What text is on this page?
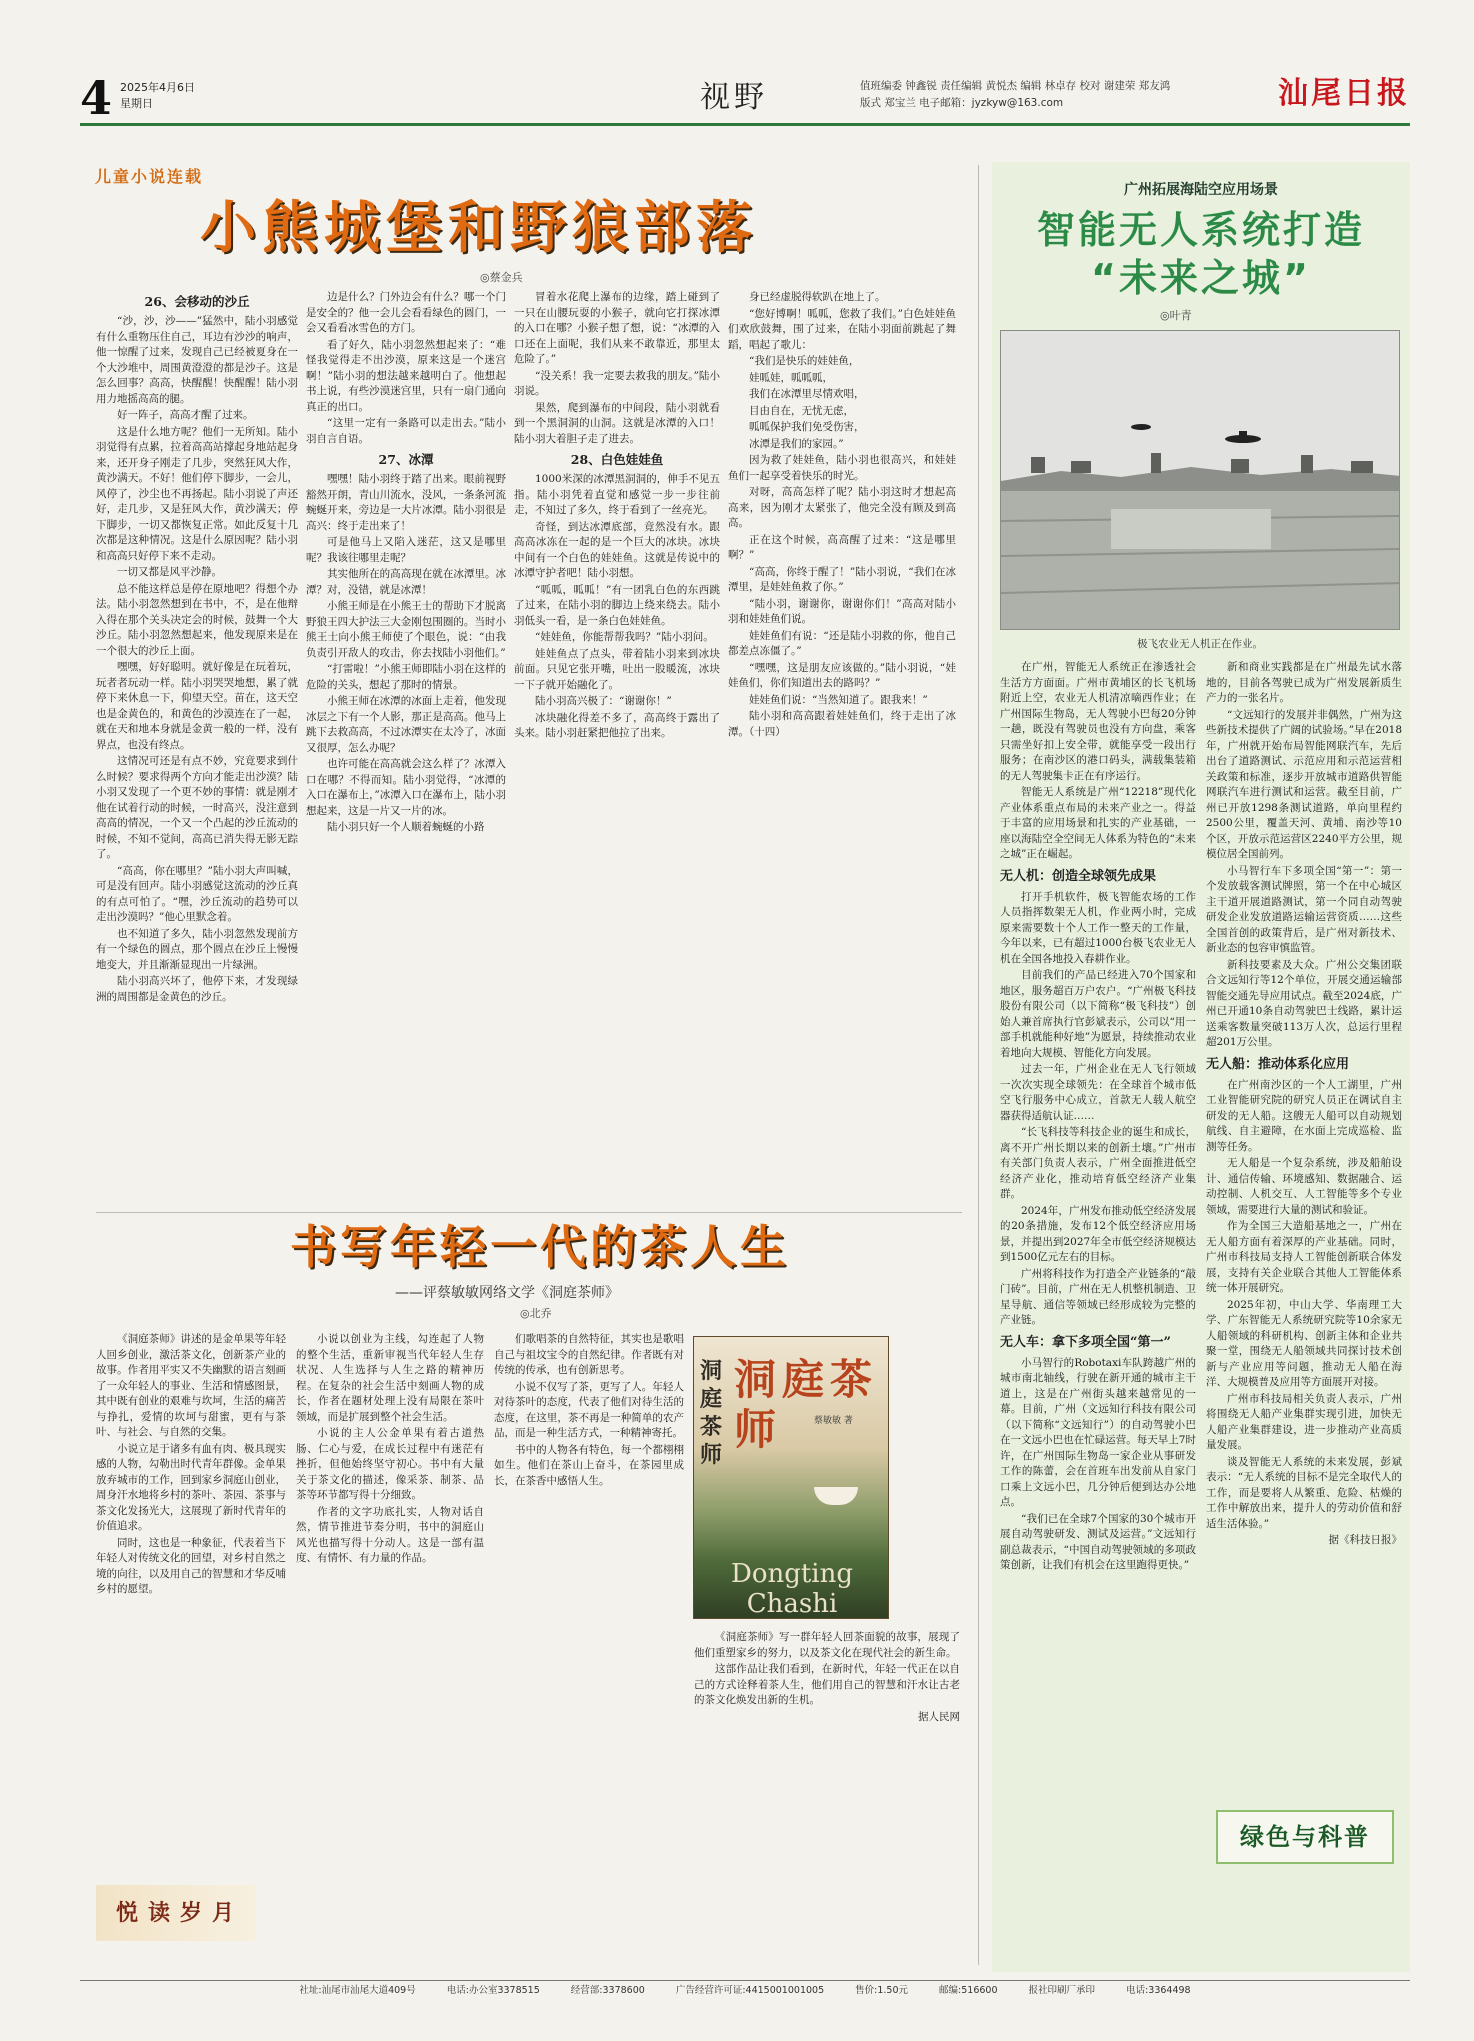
4 2025年4月6日
星期日	视野	值班编委 钟鑫锐 责任编辑 黄悦杰 编辑 林卓存 校对 谢建荣 郑友鸿
版式 郑宝兰 电子邮箱：jyzkyw@163.com	汕尾日报
儿童小说连载
小熊城堡和野狼部落
◎蔡金兵
26、会移动的沙丘

“沙，沙，沙——”猛然中，陆小羽感觉有什么重物压住自己，耳边有沙沙的响声，他一惊醒了过来，发现自己已经被夏身在一个大沙堆中，周围黄澄澄的都是沙子。这是怎么回事？高高，快醒醒！快醒醒！陆小羽用力地摇高高的腿。

好一阵子，高高才醒了过来。

这是什么地方呢？他们一无所知。陆小羽觉得有点累，拉着高高站撑起身地站起身来，还开身子刚走了几步，突然狂风大作，黄沙满天。不好！他们停下脚步，一会儿，风停了，沙尘也不再扬起。陆小羽说了声还好，走几步，又是狂风大作，黄沙满天；停下脚步，一切又都恢复正常。如此反复十几次都是这种情况。这是什么原因呢？陆小羽和高高只好停下来不走动。

一切又都是风平沙静。

总不能这样总是停在原地吧？得想个办法。陆小羽忽然想到在书中，不，是在他辩入得在那个关头决定会的时候，鼓舞一个大沙丘。陆小羽忽然想起来，他发现原来是在一个很大的沙丘上面。

嘿嘿，好好聪明。就好像是在玩着玩，玩者者玩动一样。陆小羽哭哭地想，累了就停下来休息一下，仰望天空。苗在，这天空也是金黄色的，和黄色的沙漠连在了一起，就在天和地本身就是金黄一般的一样，没有界点，也没有终点。

这情况可还是有点不妙，究竟要求到什么时候？要求得两个方向才能走出沙漠？陆小羽又发现了一个更不妙的事情：就是刚才他在试着行动的时候，一时高兴，没注意到高高的情况，一个又一个凸起的沙丘流动的时候，不知不觉间，高高已消失得无影无踪了。

“高高，你在哪里？”陆小羽大声叫喊，可是没有回声。陆小羽感觉这流动的沙丘真的有点可怕了。“嘿，沙丘流动的趋势可以走出沙漠吗？”他心里默念着。

也不知道了多久，陆小羽忽然发现前方有一个绿色的圆点，那个圆点在沙丘上慢慢地变大，并且渐渐显现出一片绿洲。

陆小羽高兴坏了，他停下来，才发现绿洲的周围都是金黄色的沙丘。

边是什么？门外边会有什么？哪一个门是安全的？他一会儿会看看绿色的圆门，一会又看看冰雪色的方门。

看了好久，陆小羽忽然想起来了：“难怪我觉得走不出沙漠，原来这是一个迷宫啊！”陆小羽的想法越来越明白了。他想起书上说，有些沙漠迷宫里，只有一扇门通向真正的出口。

“这里一定有一条路可以走出去。”陆小羽自言自语。

27、冰潭

嘿嘿！陆小羽终于踏了出来。眼前视野豁然开朗，青山川流水，没风，一条条河流蜿蜒开来，旁边是一大片冰潭。陆小羽很是高兴：终于走出来了！

可是他马上又陷入迷茫，这又是哪里呢？我该往哪里走呢？

其实他所在的高高现在就在冰潭里。冰潭？对，没错，就是冰潭！

小熊王师是在小熊王士的帮助下才脱离野狼王四大护法三大金刚包围圈的。当时小熊王士向小熊王师使了个眼色，说：“由我负责引开敌人的攻击，你去找陆小羽他们。”

“打雷啦！”小熊王师即陆小羽在这样的危险的关头，想起了那时的情景。

小熊王师在冰潭的冰面上走着，他发现冰层之下有一个人影，那正是高高。他马上跳下去救高高，不过冰潭实在太冷了，冰面又很厚，怎么办呢？

也许可能在高高就会这么样了？冰潭入口在哪？不得而知。陆小羽觉得，“冰潭的入口在瀑布上，”冰潭入口在瀑布上，陆小羽想起来，这是一片又一片的冰。

陆小羽只好一个人顺着蜿蜒的小路

冒着水花爬上瀑布的边缘，踏上碰到了一只在山腰玩耍的小猴子，就向它打探冰潭的入口在哪？小猴子想了想，说：“冰潭的入口还在上面呢，我们从来不敢靠近，那里太危险了。”

“没关系！我一定要去救我的朋友。”陆小羽说。

果然，爬到瀑布的中间段，陆小羽就看到一个黑洞洞的山洞。这就是冰潭的入口！陆小羽大着胆子走了进去。

28、白色娃娃鱼

1000米深的冰潭黑洞洞的，伸手不见五指。陆小羽凭着直觉和感觉一步一步往前走，不知过了多久，终于看到了一丝亮光。

奇怪，到达冰潭底部，竟然没有水。跟高高冰冻在一起的是一个巨大的冰块。冰块中间有一个白色的娃娃鱼。这就是传说中的冰潭守护者吧！陆小羽想。

“呱呱，呱呱！”有一团乳白色的东西跳了过来，在陆小羽的脚边上绕来绕去。陆小羽低头一看，是一条白色娃娃鱼。

“娃娃鱼，你能帮帮我吗？”陆小羽问。

娃娃鱼点了点头，带着陆小羽来到冰块前面。只见它张开嘴，吐出一股暖流，冰块一下子就开始融化了。

陆小羽高兴极了：“谢谢你！”

冰块融化得差不多了，高高终于露出了头来。陆小羽赶紧把他拉了出来。

身已经虚脱得软趴在地上了。

“您好博啊！呱呱，您救了我们。”白色娃娃鱼们欢欣鼓舞，围了过来，在陆小羽面前跳起了舞蹈，唱起了歌儿：

“我们是快乐的娃娃鱼，

娃呱娃，呱呱呱，

我们在冰潭里尽情欢唱，

目由自在，无忧无虑，

呱呱保护我们免受伤害，

冰潭是我们的家园。”

因为救了娃娃鱼，陆小羽也很高兴，和娃娃鱼们一起享受着快乐的时光。

对呀，高高怎样了呢？陆小羽这时才想起高高来，因为刚才太紧张了，他完全没有顾及到高高。

正在这个时候，高高醒了过来：“这是哪里啊？”

“高高，你终于醒了！”陆小羽说，“我们在冰潭里，是娃娃鱼救了你。”

“陆小羽，谢谢你，谢谢你们！”高高对陆小羽和娃娃鱼们说。

娃娃鱼们有说：“还是陆小羽救的你，他自己都差点冻僵了。”

“嘿嘿，这是朋友应该做的。”陆小羽说，“娃娃鱼们，你们知道出去的路吗？”

娃娃鱼们说：“当然知道了。跟我来！”

陆小羽和高高跟着娃娃鱼们，终于走出了冰潭。（十四）

广州拓展海陆空应用场景
智能无人系统打造
“未来之城”
◎叶青
极飞农业无人机正在作业。

在广州，智能无人系统正在渗透社会生活方方面面。广州市黄埔区的长飞机场附近上空，农业无人机清凉嘀西作业；在广州国际生物岛，无人驾驶小巴每20分钟一趟，既没有驾驶员也没有方向盘，乘客只需坐好扣上安全带，就能享受一段出行服务；在南沙区的港口码头，满载集装箱的无人驾驶集卡正在有序运行。

智能无人系统是广州“12218”现代化产业体系重点布局的未来产业之一。得益于丰富的应用场景和扎实的产业基础，一座以海陆空全空间无人体系为特色的“未来之城”正在崛起。

无人机：创造全球领先成果

打开手机软件，极飞智能农场的工作人员指挥数架无人机，作业两小时，完成原来需要数十个人工作一整天的工作量，今年以来，已有超过1000台极飞农业无人机在全国各地投入春耕作业。

目前我们的产品已经进入70个国家和地区，服务超百万户农户。“广州极飞科技股份有限公司（以下简称“极飞科技”）创始人兼首席执行官彭斌表示，公司以“用一部手机就能种好地”为愿景，持续推动农业着地向大规模、智能化方向发展。

过去一年，广州企业在无人飞行领域一次次实现全球领先：在全球首个城市低空飞行服务中心成立，首款无人载人航空器获得适航认证……

“长飞科技等科技企业的诞生和成长，离不开广州长期以来的创新土壤。”广州市有关部门负责人表示，广州全面推进低空经济产业化，推动培育低空经济产业集群。

2024年，广州发布推动低空经济发展的20条措施，发布12个低空经济应用场景，并提出到2027年全市低空经济规模达到1500亿元左右的目标。

广州将科技作为打造全产业链条的“敲门砖”。目前，广州在无人机整机制造、卫星导航、通信等领域已经形成较为完整的产业链。

无人车：拿下多项全国“第一”

小马智行的Robotaxi车队跨越广州的城市南北轴线，行驶在新开通的城市主干道上，这是在广州街头越来越常见的一幕。目前，广州（文远知行科技有限公司（以下简称“文远知行”）的自动驾驶小巴在一文远小巴也在忙碌运营。每天早上7时许，在广州国际生物岛一家企业从事研发工作的陈蕾，会在首班车出发前从自家门口乘上文远小巴，几分钟后便到达办公地点。

“我们已在全球7个国家的30个城市开展自动驾驶研发、测试及运营。”文远知行副总裁表示，“中国自动驾驶领域的多项政策创新，让我们有机会在这里跑得更快。”

新和商业实践都是在广州最先试水落地的，目前各驾驶已成为广州发展新质生产力的一张名片。

“文远知行的发展并非偶然，广州为这些新技术提供了广阔的试验场。”早在2018年，广州就开始布局智能网联汽车，先后出台了道路测试、示范应用和示范运营相关政策和标准，逐步开放城市道路供智能网联汽车进行测试和运营。截至目前，广州已开放1298条测试道路，单向里程约2500公里，覆盖天河、黄埔、南沙等10个区，开放示范运营区2240平方公里，规模位居全国前列。

小马智行车下多项全国“第一”：第一个发放载客测试牌照，第一个在中心城区主干道开展道路测试，第一个同自动驾驶研发企业发放道路运输运营资质……这些全国首创的政策背后，是广州对新技术、新业态的包容审慎监管。

新科技要素及大众。广州公交集团联合文远知行等12个单位，开展交通运输部智能交通先导应用试点。截至2024底，广州已开通10条自动驾驶巴士线路，累计运送乘客数量突破113万人次，总运行里程超201万公里。

无人船：推动体系化应用

在广州南沙区的一个人工湖里，广州工业智能研究院的研究人员正在调试自主研发的无人船。这艘无人船可以自动规划航线、自主避障，在水面上完成巡检、监测等任务。

无人船是一个复杂系统，涉及船舶设计、通信传输、环境感知、数据融合、运动控制、人机交互、人工智能等多个专业领域，需要进行大量的测试和验证。

作为全国三大造船基地之一，广州在无人船方面有着深厚的产业基础。同时，广州市科技局支持人工智能创新联合体发展，支持有关企业联合其他人工智能体系统一体开展研究。

2025年初，中山大学、华南理工大学、广东智能无人系统研究院等10余家无人船领域的科研机构、创新主体和企业共聚一堂，围绕无人船领域共同探讨技术创新与产业应用等问题，推动无人船在海洋、大规模普及应用等方面展开对接。

广州市科技局相关负责人表示，广州将围绕无人船产业集群实现引进，加快无人船产业集群建设，进一步推动产业高质量发展。

谈及智能无人系统的未来发展，彭斌表示：“无人系统的目标不是完全取代人的工作，而是要将人从繁重、危险、枯燥的工作中解放出来，提升人的劳动价值和舒适生活体验。”

据《科技日报》

绿色与科普
书写年轻一代的茶人生
——评蔡敏敏网络文学《洞庭茶师》
◎北乔

《洞庭茶师》讲述的是金单果等年轻人回乡创业，激活茶文化，创新茶产业的故事。作者用平实又不失幽默的语言刻画了一众年轻人的事业、生活和情感图景，其中既有创业的艰难与坎坷，生活的痛苦与挣扎，爱情的坎坷与甜蜜，更有与茶叶、与社会、与自然的交集。

小说立足于诸多有血有肉、极具现实感的人物，勾勒出时代青年群像。金单果放弃城市的工作，回到家乡洞庭山创业，周身汗水地将乡村的茶叶、茶园、茶事与茶文化发扬光大，这展现了新时代青年的价值追求。

同时，这也是一种象征，代表着当下年轻人对传统文化的回望，对乡村自然之境的向往，以及用自己的智慧和才华反哺乡村的愿望。

小说以创业为主线，勾连起了人物的整个生活，重新审视当代年轻人生存状况、人生选择与人生之路的精神历程。在复杂的社会生活中刻画人物的成长，作者在题材处理上没有局限在茶叶领域，而是扩展到整个社会生活。

小说的主人公金单果有着古道热肠、仁心与爱，在成长过程中有迷茫有挫折，但他始终坚守初心。书中有大量关于茶文化的描述，像采茶、制茶、品茶等环节都写得十分细致。

作者的文字功底扎实，人物对话自然，情节推进节奏分明，书中的洞庭山风光也描写得十分动人。这是一部有温度、有情怀、有力量的作品。

们歌唱茶的自然特征，其实也是歌唱自己与祖坟宝令的自然纪律。作者既有对传统的传承，也有创新思考。

小说不仅写了茶，更写了人。年轻人对待茶叶的态度，代表了他们对待生活的态度，在这里，茶不再是一种简单的农产品，而是一种生活方式，一种精神寄托。

书中的人物各有特色，每一个都栩栩如生。他们在茶山上奋斗，在茶园里成长，在茶香中感悟人生。

洞庭茶师
洞庭茶师	蔡敏敏 著
Dongting Chashi

《洞庭茶师》写一群年轻人回茶面貌的故事，展现了他们重塑家乡的努力，以及茶文化在现代社会的新生命。

这部作品让我们看到，在新时代，年轻一代正在以自己的方式诠释着茶人生，他们用自己的智慧和汗水让古老的茶文化焕发出新的生机。

据人民网

悦读岁月
社址:汕尾市汕尾大道409号	电话:办公室3378515	经营部:3378600	广告经营许可证:4415001001005	售价:1.50元	邮编:516600	报社印刷厂承印	电话:3364498
